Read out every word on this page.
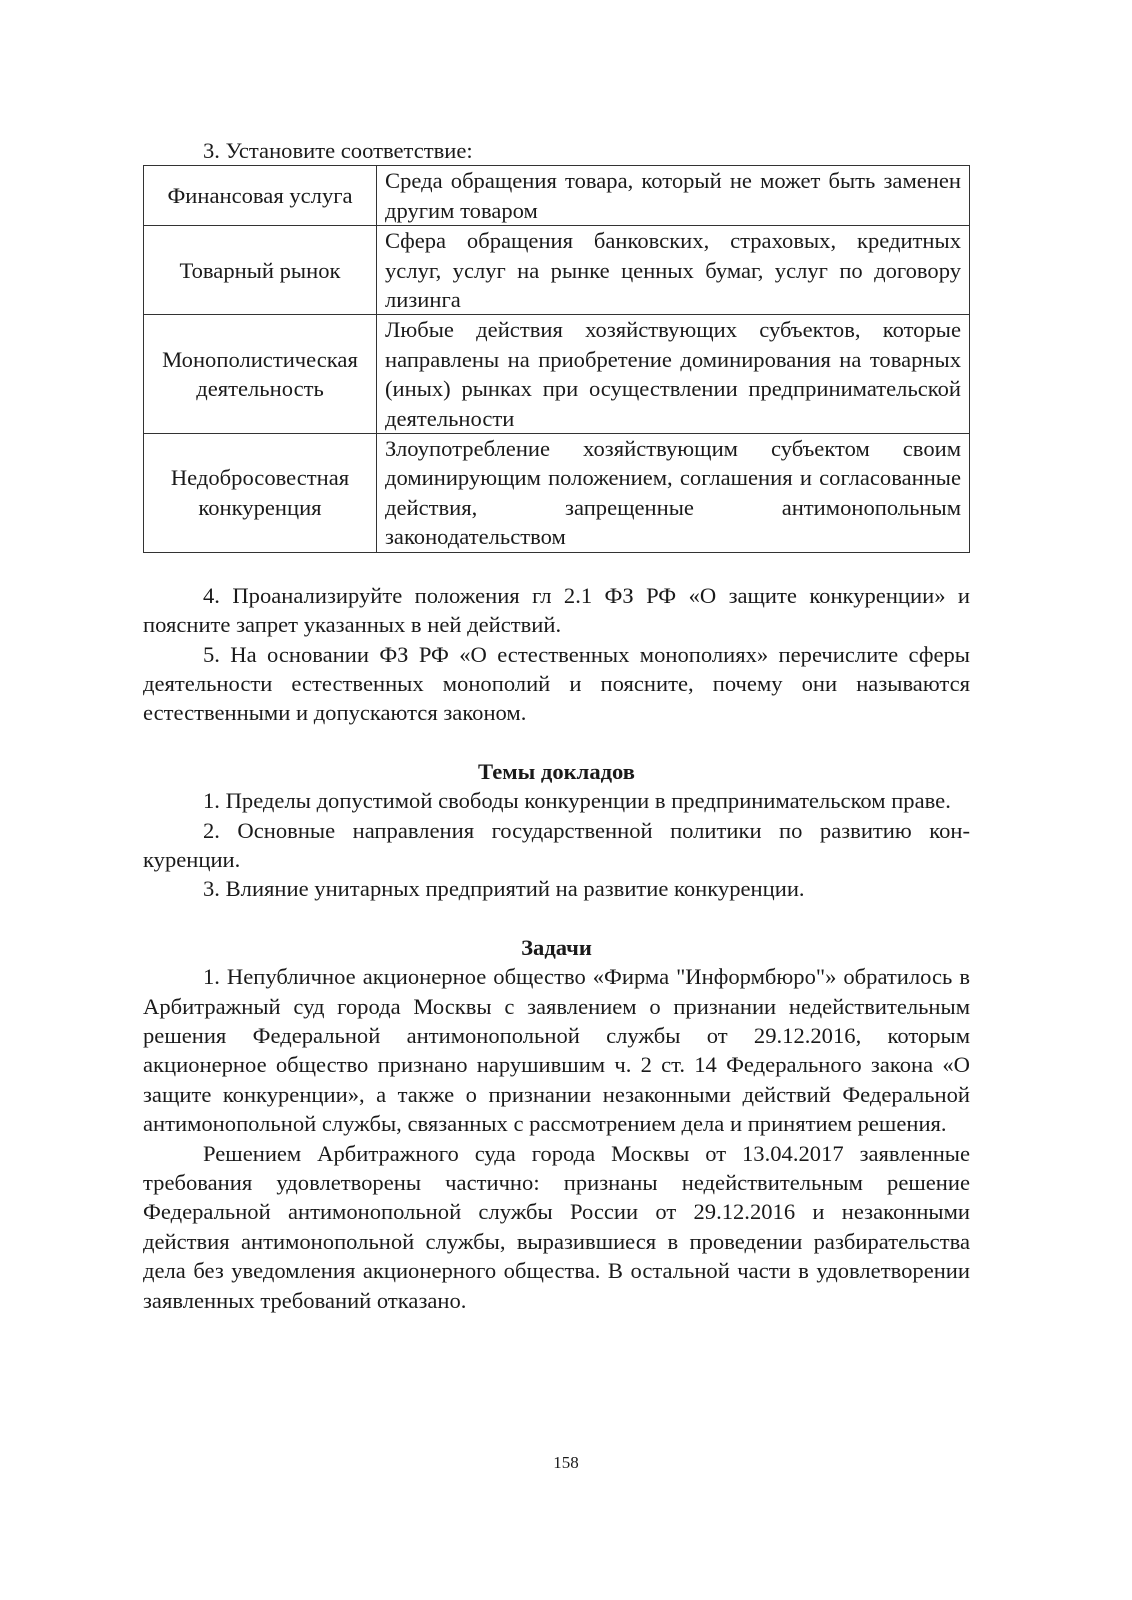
3. Установите соответствие:

Финансовая услуга	Среда обращения товара, который не может быть заменен другим товаром
Товарный рынок	Сфера обращения банковских, страховых, кредитных услуг, услуг на рынке ценных бумаг, услуг по договору лизинга
Монополистическая деятельность	Любые действия хозяйствующих субъектов, которые направлены на приобретение доминирования на товарных (иных) рынках при осуществлении предпринимательской деятельности
Недобросовестная конкуренция	Злоупотребление хозяйствующим субъектом своим доминирующим положением, соглашения и согласованные действия, запрещенные антимонопольным законодательством

4. Проанализируйте положения гл 2.1 ФЗ РФ «О защите конкуренции» и поясните запрет указанных в ней действий.

5. На основании ФЗ РФ «О естественных монополиях» перечислите сферы деятельности естественных монополий и поясните, почему они называются естественными и допускаются законом.

Темы докладов

1. Пределы допустимой свободы конкуренции в предпринимательском праве.

2. Основные направления государственной политики по развитию конкуренции.

3. Влияние унитарных предприятий на развитие конкуренции.

Задачи

1. Непубличное акционерное общество «Фирма "Информбюро"» обратилось в Арбитражный суд города Москвы с заявлением о признании недействительным решения Федеральной антимонопольной службы от 29.12.2016, которым акционерное общество признано нарушившим ч. 2 ст. 14 Федерального закона «О защите конкуренции», а также о признании незаконными действий Федеральной антимонопольной службы, связанных с рассмотрением дела и принятием решения.

Решением Арбитражного суда города Москвы от 13.04.2017 заявленные требования удовлетворены частично: признаны недействительным решение Федеральной антимонопольной службы России от 29.12.2016 и незаконными действия антимонопольной службы, выразившиеся в проведении разбирательства дела без уведомления акционерного общества. В остальной части в удовлетворении заявленных требований отказано.

158
